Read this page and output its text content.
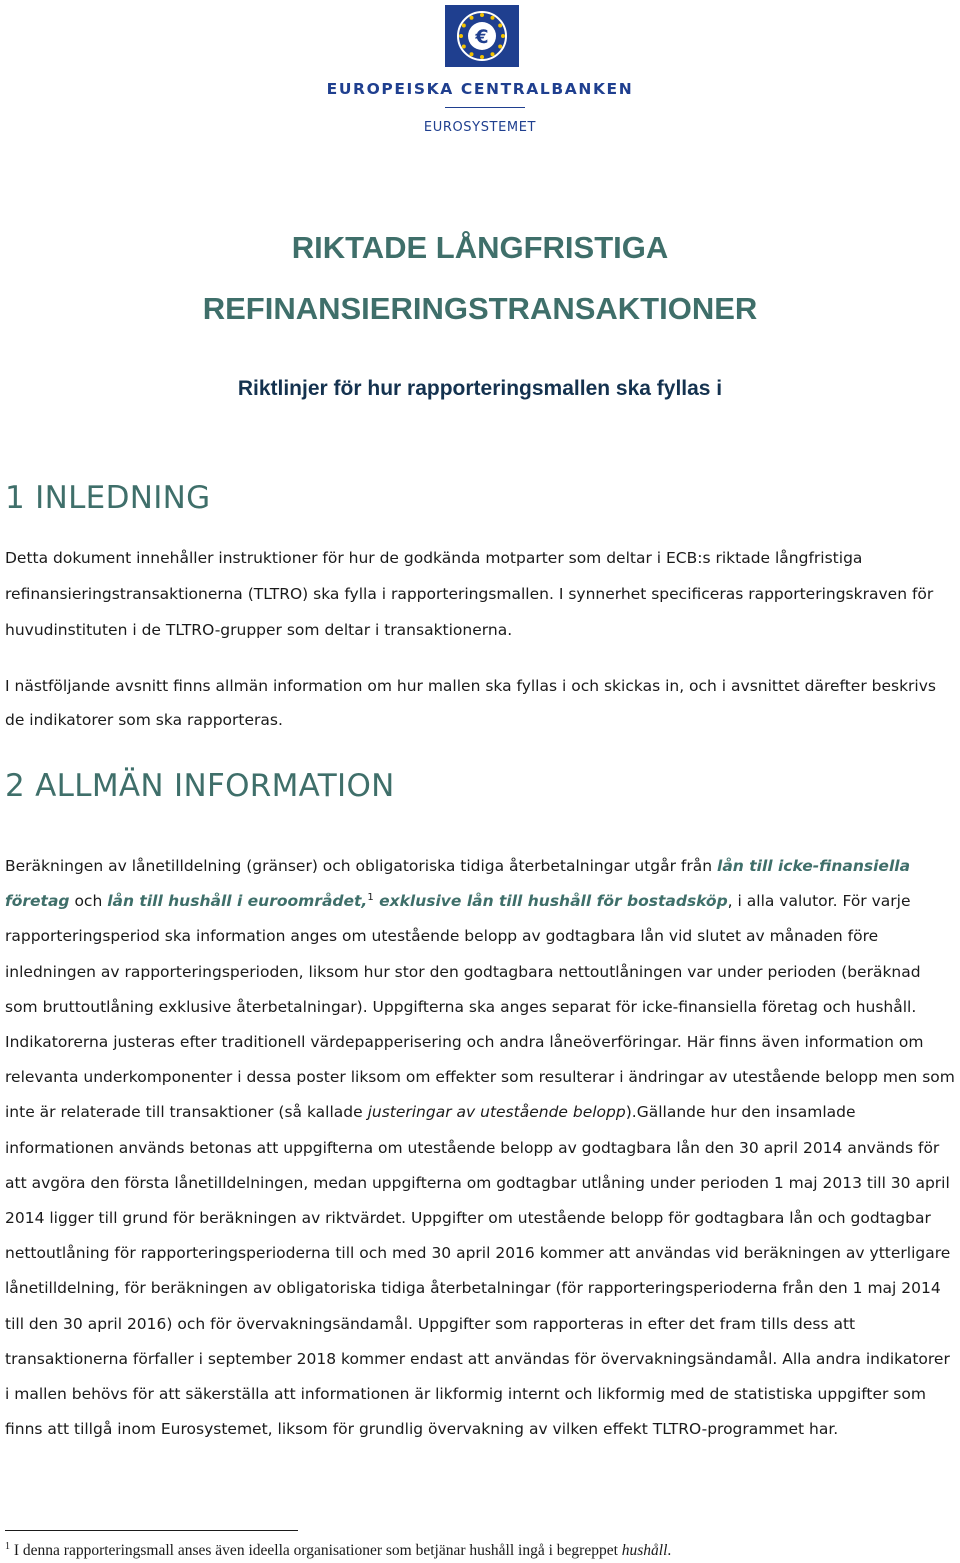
€
EUROPEISKA CENTRALBANKEN
EUROSYSTEMET
RIKTADE LÅNGFRISTIGA
REFINANSIERINGSTRANSAKTIONER
Riktlinjer för hur rapporteringsmallen ska fyllas i
1 INLEDNING

Detta dokument innehåller instruktioner för hur de godkända motparter som deltar i ECB:s riktade långfristiga refinansieringstransaktionerna (TLTRO) ska fylla i rapporteringsmallen. I synnerhet specificeras rapporteringskraven för huvudinstituten i de TLTRO-grupper som deltar i transaktionerna.

I nästföljande avsnitt finns allmän information om hur mallen ska fyllas i och skickas in, och i avsnittet därefter beskrivs de indikatorer som ska rapporteras.

2 ALLMÄN INFORMATION

Beräkningen av lånetilldelning (gränser) och obligatoriska tidiga återbetalningar utgår från lån till icke-finansiella företag och lån till hushåll i euroområdet,$^1$ exklusive lån till hushåll för bostadsköp, i alla valutor. För varje rapporteringsperiod ska information anges om utestående belopp av godtagbara lån vid slutet av månaden före inledningen av rapporteringsperioden, liksom hur stor den godtagbara nettoutlåningen var under perioden (beräknad som bruttoutlåning exklusive återbetalningar). Uppgifterna ska anges separat för icke-finansiella företag och hushåll. Indikatorerna justeras efter traditionell värdepapperisering och andra låneöverföringar. Här finns även information om relevanta underkomponenter i dessa poster liksom om effekter som resulterar i ändringar av utestående belopp men som inte är relaterade till transaktioner (så kallade justeringar av utestående belopp).Gällande hur den insamlade informationen används betonas att uppgifterna om utestående belopp av godtagbara lån den 30 april 2014 används för att avgöra den första lånetilldelningen, medan uppgifterna om godtagbar utlåning under perioden 1 maj 2013 till 30 april 2014 ligger till grund för beräkningen av riktvärdet. Uppgifter om utestående belopp för godtagbara lån och godtagbar nettoutlåning för rapporteringsperioderna till och med 30 april 2016 kommer att användas vid beräkningen av ytterligare lånetilldelning, för beräkningen av obligatoriska tidiga återbetalningar (för rapporteringsperioderna från den 1 maj 2014 till den 30 april 2016) och för övervakningsändamål. Uppgifter som rapporteras in efter det fram tills dess att transaktionerna förfaller i september 2018 kommer endast att användas för övervakningsändamål. Alla andra indikatorer i mallen behövs för att säkerställa att informationen är likformig internt och likformig med de statistiska uppgifter som finns att tillgå inom Eurosystemet, liksom för grundlig övervakning av vilken effekt TLTRO-programmet har.

$^1$ I denna rapporteringsmall anses även ideella organisationer som betjänar hushåll ingå i begreppet hushåll.
